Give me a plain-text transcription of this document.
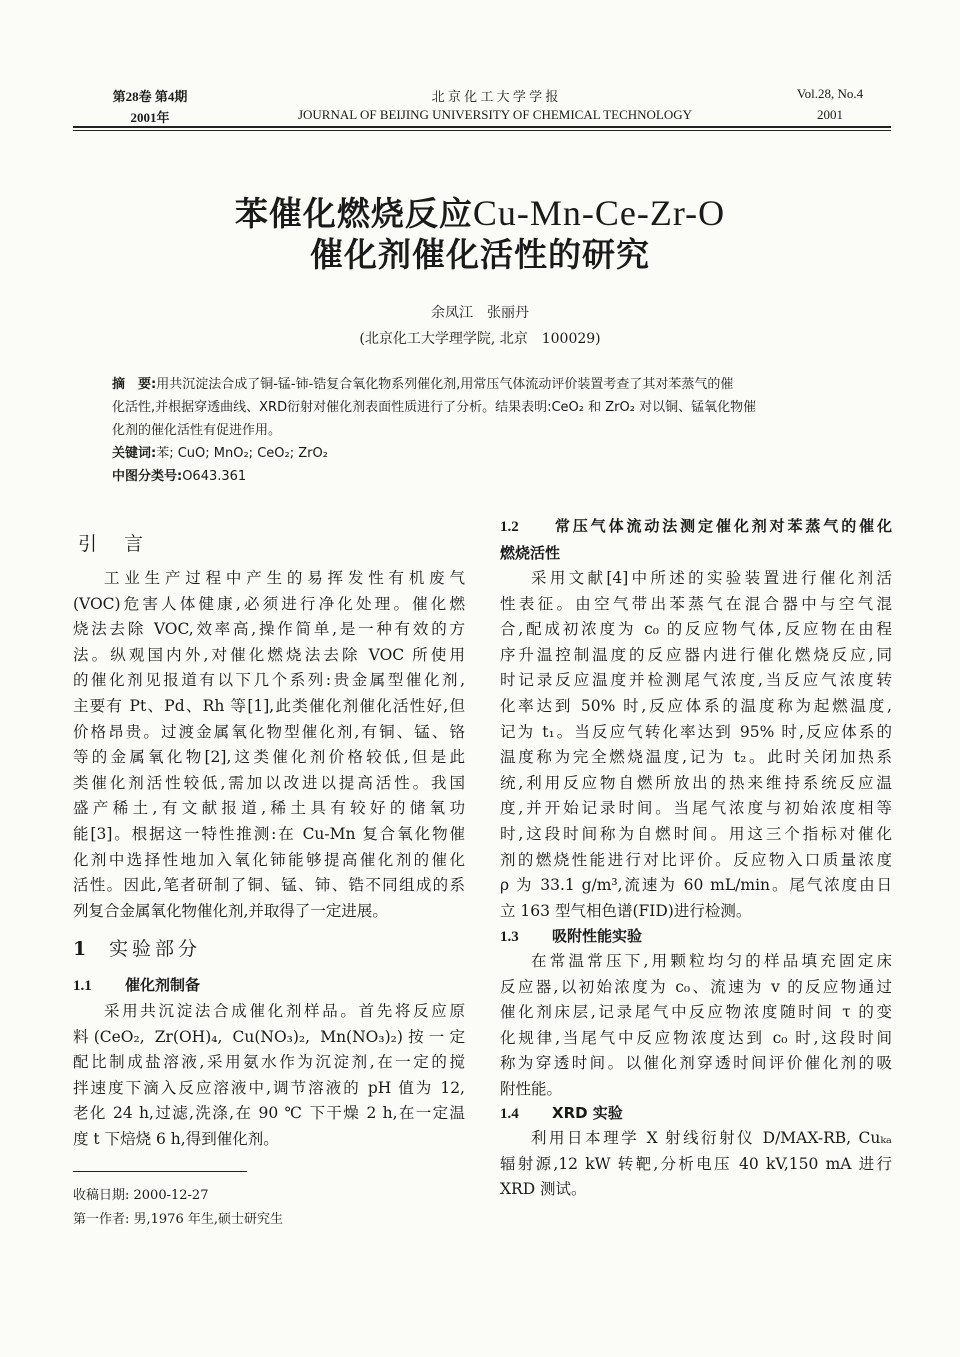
第28卷 第4期
2001年
北 京 化 工 大 学 学 报
JOURNAL OF BEIJING UNIVERSITY OF CHEMICAL TECHNOLOGY
Vol.28, No.4
2001
苯催化燃烧反应Cu-Mn-Ce-Zr-O
催化剂催化活性的研究
余凤江　张丽丹
(北京化工大学理学院, 北京　100029)
摘　要:用共沉淀法合成了铜-锰-铈-锆复合氧化物系列催化剂,用常压气体流动评价装置考查了其对苯蒸气的催
化活性,并根据穿透曲线、XRD衍射对催化剂表面性质进行了分析。结果表明:CeO₂ 和 ZrO₂ 对以铜、锰氧化物催
化剂的催化活性有促进作用。
关键词:苯; CuO; MnO₂; CeO₂; ZrO₂
中图分类号:O643.361
引　言
工业生产过程中产生的易挥发性有机废气
(VOC)危害人体健康,必须进行净化处理。催化燃
烧法去除 VOC,效率高,操作简单,是一种有效的方
法。纵观国内外,对催化燃烧法去除 VOC 所使用
的催化剂见报道有以下几个系列:贵金属型催化剂,
主要有 Pt、Pd、Rh 等[1],此类催化剂催化活性好,但
价格昂贵。过渡金属氧化物型催化剂,有铜、锰、铬
等的金属氧化物[2],这类催化剂价格较低,但是此
类催化剂活性较低,需加以改进以提高活性。我国
盛产稀土,有文献报道,稀土具有较好的储氧功
能[3]。根据这一特性推测:在 Cu-Mn 复合氧化物催
化剂中选择性地加入氧化铈能够提高催化剂的催化
活性。因此,笔者研制了铜、锰、铈、锆不同组成的系
列复合金属氧化物催化剂,并取得了一定进展。
1 实验部分
1.1 催化剂制备
采用共沉淀法合成催化剂样品。首先将反应原
料(CeO₂, Zr(OH)₄, Cu(NO₃)₂, Mn(NO₃)₂)按一定
配比制成盐溶液,采用氨水作为沉淀剂,在一定的搅
拌速度下滴入反应溶液中,调节溶液的 pH 值为 12,
老化 24 h,过滤,洗涤,在 90 ℃ 下干燥 2 h,在一定温
度 t 下焙烧 6 h,得到催化剂。
收稿日期: 2000-12-27
第一作者: 男,1976 年生,硕士研究生
1.2 常压气体流动法测定催化剂对苯蒸气的催化
燃烧活性
采用文献[4]中所述的实验装置进行催化剂活
性表征。由空气带出苯蒸气在混合器中与空气混
合,配成初浓度为 c₀ 的反应物气体,反应物在由程
序升温控制温度的反应器内进行催化燃烧反应,同
时记录反应温度并检测尾气浓度,当反应气浓度转
化率达到 50% 时,反应体系的温度称为起燃温度,
记为 t₁。当反应气转化率达到 95% 时,反应体系的
温度称为完全燃烧温度,记为 t₂。此时关闭加热系
统,利用反应物自燃所放出的热来维持系统反应温
度,并开始记录时间。当尾气浓度与初始浓度相等
时,这段时间称为自燃时间。用这三个指标对催化
剂的燃烧性能进行对比评价。反应物入口质量浓度
ρ 为 33.1 g/m³,流速为 60 mL/min。尾气浓度由日
立 163 型气相色谱(FID)进行检测。
1.3 吸附性能实验
在常温常压下,用颗粒均匀的样品填充固定床
反应器,以初始浓度为 c₀、流速为 v 的反应物通过
催化剂床层,记录尾气中反应物浓度随时间 τ 的变
化规律,当尾气中反应物浓度达到 c₀ 时,这段时间
称为穿透时间。以催化剂穿透时间评价催化剂的吸
附性能。
1.4 XRD 实验
利用日本理学 X 射线衍射仪 D/MAX-RB, Cuₖₐ
辐射源,12 kW 转靶,分析电压 40 kV,150 mA 进行
XRD 测试。
